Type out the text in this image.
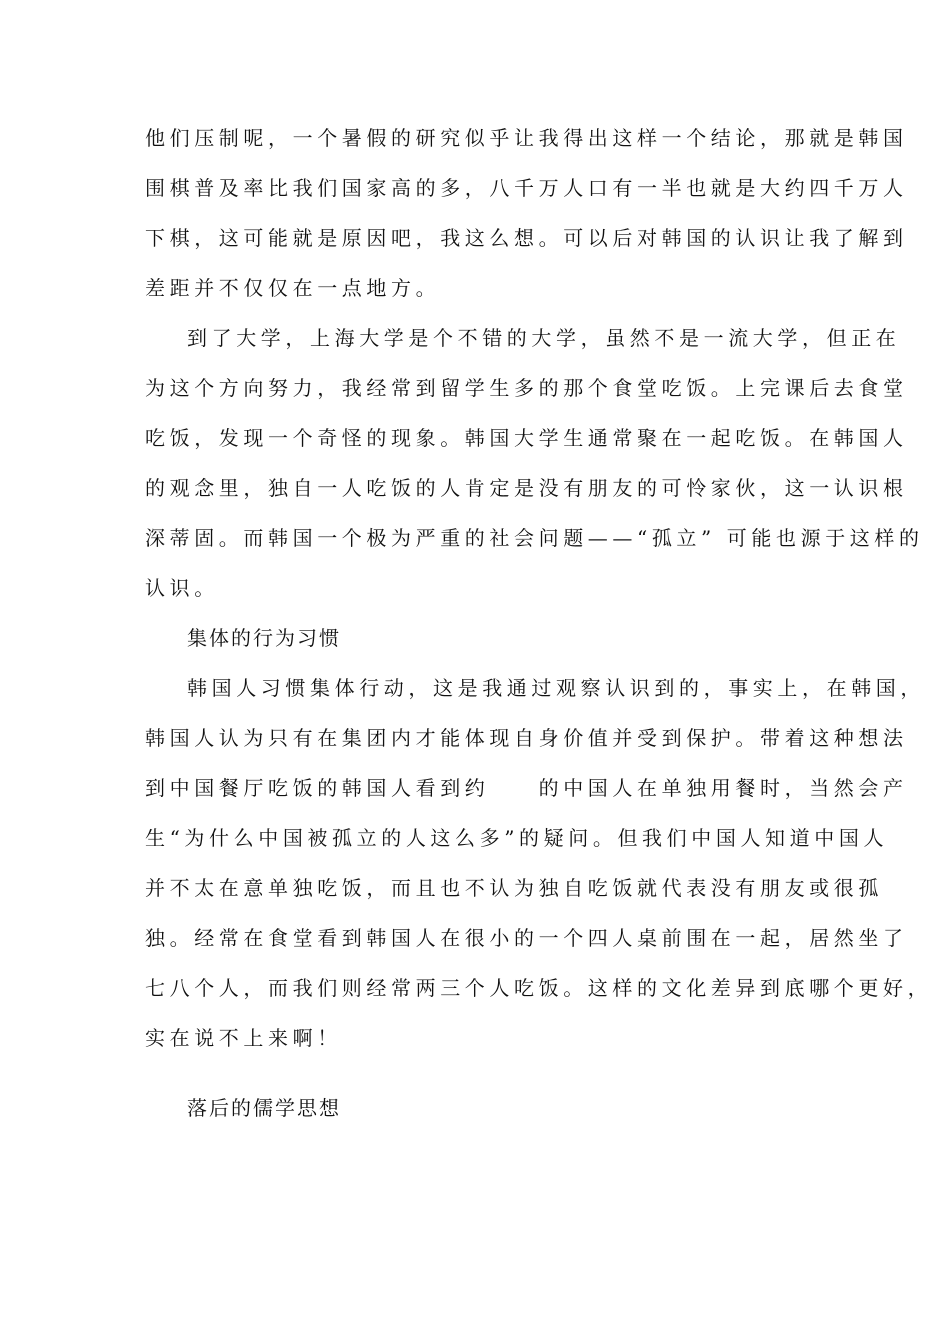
他们压制呢，一个暑假的研究似乎让我得出这样一个结论，那就是韩国
围棋普及率比我们国家高的多，八千万人口有一半也就是大约四千万人
下棋，这可能就是原因吧，我这么想。可以后对韩国的认识让我了解到
差距并不仅仅在一点地方。
到了大学，上海大学是个不错的大学，虽然不是一流大学，但正在
为这个方向努力，我经常到留学生多的那个食堂吃饭。上完课后去食堂
吃饭，发现一个奇怪的现象。韩国大学生通常聚在一起吃饭。在韩国人
的观念里，独自一人吃饭的人肯定是没有朋友的可怜家伙，这一认识根
深蒂固。而韩国一个极为严重的社会问题——“孤立” 可能也源于这样的
认识。
集体的行为习惯
韩国人习惯集体行动，这是我通过观察认识到的，事实上，在韩国，
韩国人认为只有在集团内才能体现自身价值并受到保护。带着这种想法
到中国餐厅吃饭的韩国人看到约　　的中国人在单独用餐时，当然会产
生“为什么中国被孤立的人这么多”的疑问。但我们中国人知道中国人
并不太在意单独吃饭，而且也不认为独自吃饭就代表没有朋友或很孤
独。经常在食堂看到韩国人在很小的一个四人桌前围在一起，居然坐了
七八个人，而我们则经常两三个人吃饭。这样的文化差异到底哪个更好，
实在说不上来啊！
落后的儒学思想
